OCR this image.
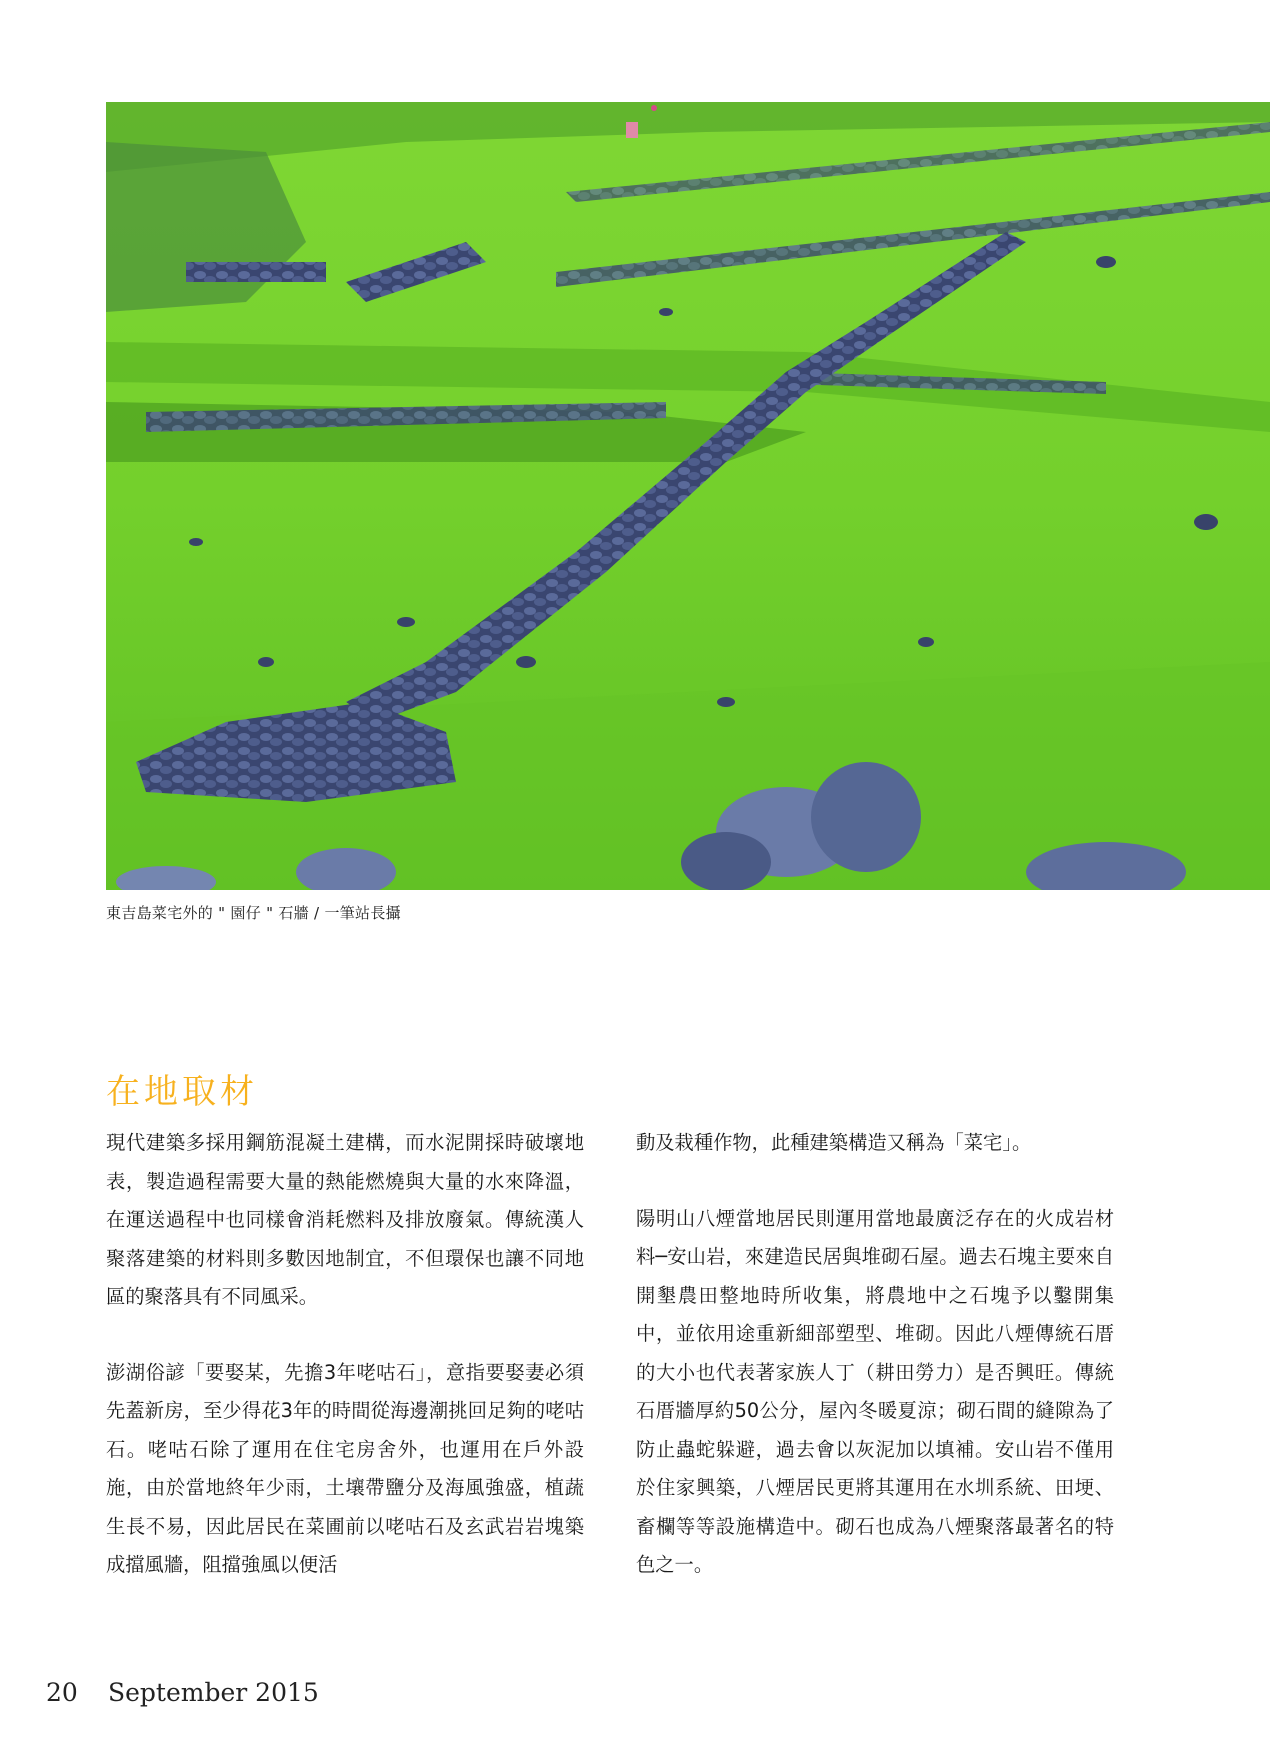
東吉島菜宅外的 " 園仔 " 石牆 / 一筆站長攝
在地取材

現代建築多採用鋼筋混凝土建構，而水泥開採時破壞地表，製造過程需要大量的熱能燃燒與大量的水來降溫，在運送過程中也同樣會消耗燃料及排放廢氣。傳統漢人聚落建築的材料則多數因地制宜，不但環保也讓不同地區的聚落具有不同風采。

澎湖俗諺「要娶某，先擔3年咾咕石」，意指要娶妻必須先蓋新房，至少得花3年的時間從海邊潮挑回足夠的咾咕石。咾咕石除了運用在住宅房舍外，也運用在戶外設施，由於當地終年少雨，土壤帶鹽分及海風強盛，植蔬生長不易，因此居民在菜圃前以咾咕石及玄武岩岩塊築成擋風牆，阻擋強風以便活

動及栽種作物，此種建築構造又稱為「菜宅」。

陽明山八煙當地居民則運用當地最廣泛存在的火成岩材料─安山岩，來建造民居與堆砌石屋。過去石塊主要來自開墾農田整地時所收集，將農地中之石塊予以鑿開集中，並依用途重新細部塑型、堆砌。因此八煙傳統石厝的大小也代表著家族人丁（耕田勞力）是否興旺。傳統石厝牆厚約50公分，屋內冬暖夏涼；砌石間的縫隙為了防止蟲蛇躲避，過去會以灰泥加以填補。安山岩不僅用於住家興築，八煙居民更將其運用在水圳系統、田埂、畜欄等等設施構造中。砌石也成為八煙聚落最著名的特色之一。

20 September 2015
